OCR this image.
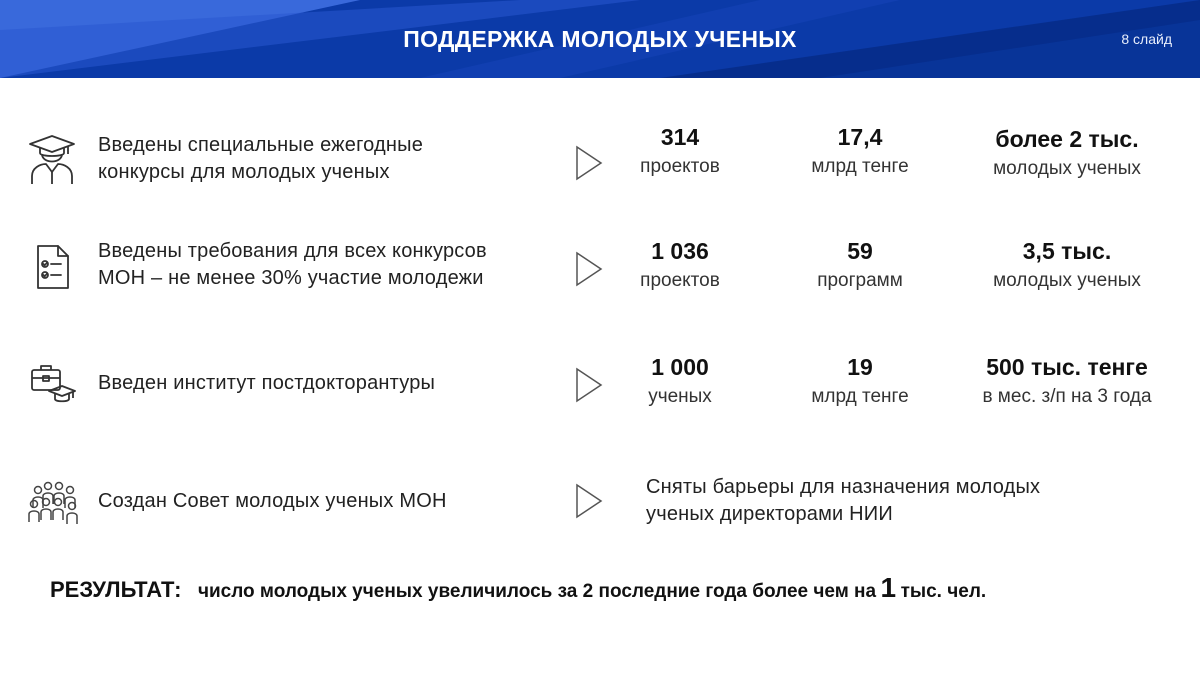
ПОДДЕРЖКА МОЛОДЫХ УЧЕНЫХ	8 слайд
Введены специальные ежегодные
конкурсы для молодых ученых
314
проектов
17,4
млрд тенге
более 2 тыс.
молодых ученых
Введены требования для всех конкурсов
МОН – не менее 30% участие молодежи
1 036
проектов
59
программ
3,5 тыс.
молодых ученых
Введен институт постдокторантуры
1 000
ученых
19
млрд тенге
500 тыс. тенге
в мес. з/п на 3 года
Создан Совет молодых ученых МОН
Сняты барьеры для назначения молодых
ученых директорами НИИ
РЕЗУЛЬТАТ: число молодых ученых увеличилось за 2 последние года более чем на 1 тыс. чел.
